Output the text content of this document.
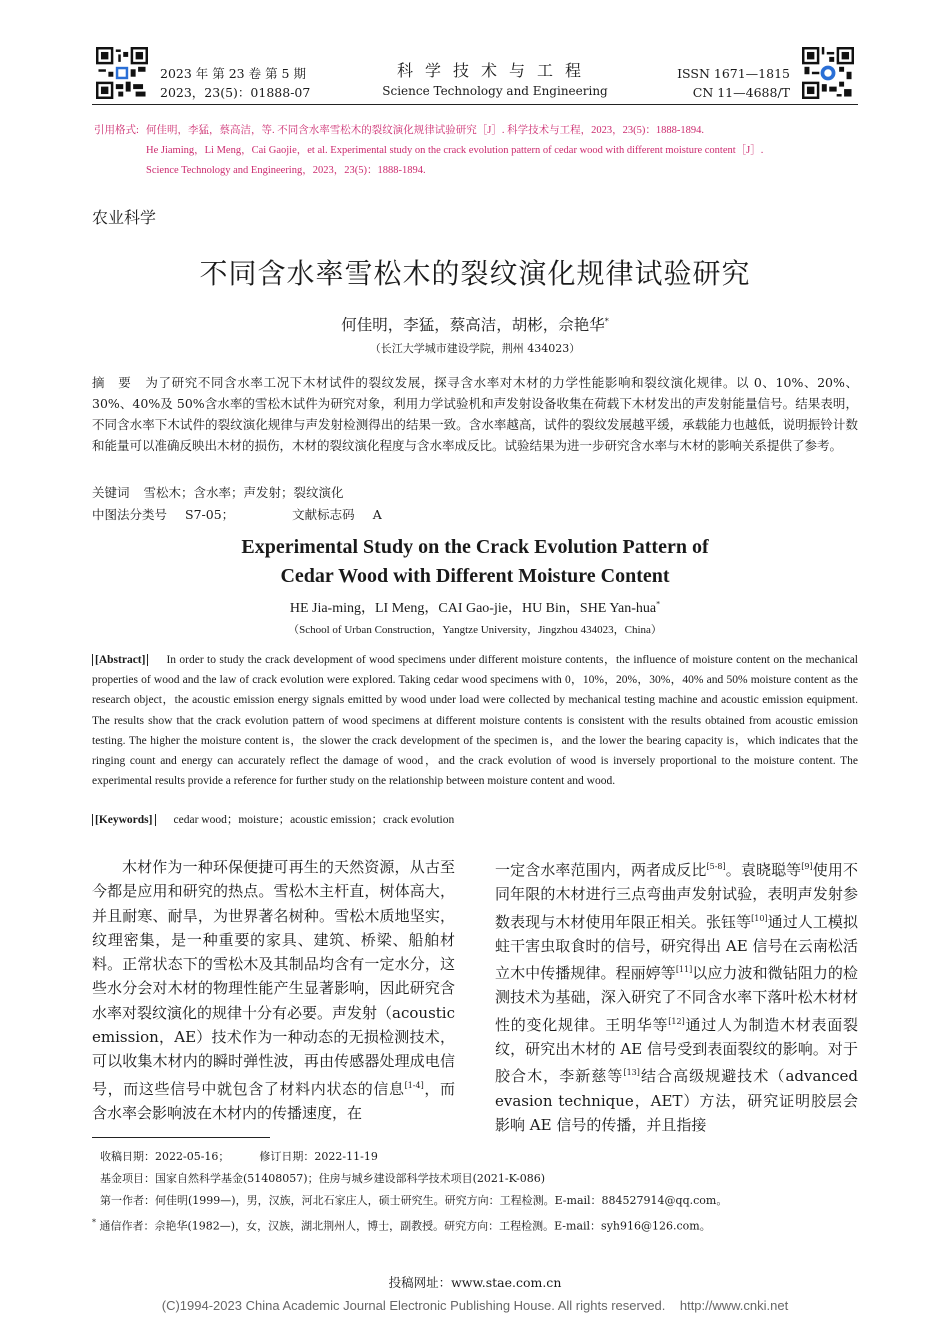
2023 年 第 23 卷 第 5 期
2023，23(5)：01888-07
科学技术与工程
Science Technology and Engineering
ISSN 1671—1815
CN 11—4688/T
引用格式: 何佳明，李猛，蔡高洁，等. 不同含水率雪松木的裂纹演化规律试验研究［J］. 科学技术与工程，2023，23(5)：1888-1894.
He Jiaming，Li Meng，Cai Gaojie，et al. Experimental study on the crack evolution pattern of cedar wood with different moisture content［J］.
Science Technology and Engineering，2023，23(5)：1888-1894.
农业科学
不同含水率雪松木的裂纹演化规律试验研究
何佳明，李猛，蔡高洁，胡彬，佘艳华*
（长江大学城市建设学院，荆州 434023）
摘　要 为了研究不同含水率工况下木材试件的裂纹发展，探寻含水率对木材的力学性能影响和裂纹演化规律。以 0、10%、20%、30%、40%及 50%含水率的雪松木试件为研究对象，利用力学试验机和声发射设备收集在荷载下木材发出的声发射能量信号。结果表明，不同含水率下木试件的裂纹演化规律与声发射检测得出的结果一致。含水率越高，试件的裂纹发展越平缓，承载能力也越低，说明振铃计数和能量可以准确反映出木材的损伤，木材的裂纹演化程度与含水率成反比。试验结果为进一步研究含水率与木材的影响关系提供了参考。
关键词 雪松木；含水率；声发射；裂纹演化
中图法分类号 S7-05；	文献标志码 A
Experimental Study on the Crack Evolution Pattern of
Cedar Wood with Different Moisture Content
HE Jia-ming，LI Meng，CAI Gao-jie，HU Bin，SHE Yan-hua*
（School of Urban Construction，Yangtze University，Jingzhou 434023，China）
[Abstract] In order to study the crack development of wood specimens under different moisture contents，the influence of moisture content on the mechanical properties of wood and the law of crack evolution were explored. Taking cedar wood specimens with 0，10%，20%，30%，40% and 50% moisture content as the research object，the acoustic emission energy signals emitted by wood under load were collected by mechanical testing machine and acoustic emission equipment. The results show that the crack evolution pattern of wood specimens at different moisture contents is consistent with the results obtained from acoustic emission testing. The higher the moisture content is，the slower the crack development of the specimen is，and the lower the bearing capacity is，which indicates that the ringing count and energy can accurately reflect the damage of wood，and the crack evolution of wood is inversely proportional to the moisture content. The experimental results provide a reference for further study on the relationship between moisture content and wood.
[Keywords] cedar wood；moisture；acoustic emission；crack evolution
木材作为一种环保便捷可再生的天然资源，从古至今都是应用和研究的热点。雪松木主杆直，树体高大，并且耐寒、耐旱，为世界著名树种。雪松木质地坚实，纹理密集，是一种重要的家具、建筑、桥梁、船舶材料。正常状态下的雪松木及其制品均含有一定水分，这些水分会对木材的物理性能产生显著影响，因此研究含水率对裂纹演化的规律十分有必要。声发射（acoustic emission，AE）技术作为一种动态的无损检测技术，可以收集木材内的瞬时弹性波，再由传感器处理成电信号，而这些信号中就包含了材料内状态的信息[1-4]，而含水率会影响波在木材内的传播速度，在
一定含水率范围内，两者成反比[5-8]。袁晓聪等[9]使用不同年限的木材进行三点弯曲声发射试验，表明声发射参数表现与木材使用年限正相关。张钰等[10]通过人工模拟蛀干害虫取食时的信号，研究得出 AE 信号在云南松活立木中传播规律。程丽婷等[11]以应力波和微钻阻力的检测技术为基础，深入研究了不同含水率下落叶松木材材性的变化规律。王明华等[12]通过人为制造木材表面裂纹，研究出木材的 AE 信号受到表面裂纹的影响。对于胶合木，李新慈等[13]结合高级规避技术（advanced evasion technique，AET）方法，研究证明胶层会影响 AE 信号的传播，并且指接
收稿日期：2022-05-16；	修订日期：2022-11-19
基金项目：国家自然科学基金(51408057)；住房与城乡建设部科学技术项目(2021-K-086)
第一作者：何佳明(1999—)，男，汉族，河北石家庄人，硕士研究生。研究方向：工程检测。E-mail：884527914@qq.com。
* 通信作者：佘艳华(1982—)，女，汉族，湖北荆州人，博士，副教授。研究方向：工程检测。E-mail：syh916@126.com。
投稿网址：www.stae.com.cn
(C)1994-2023 China Academic Journal Electronic Publishing House. All rights reserved.    http://www.cnki.net
